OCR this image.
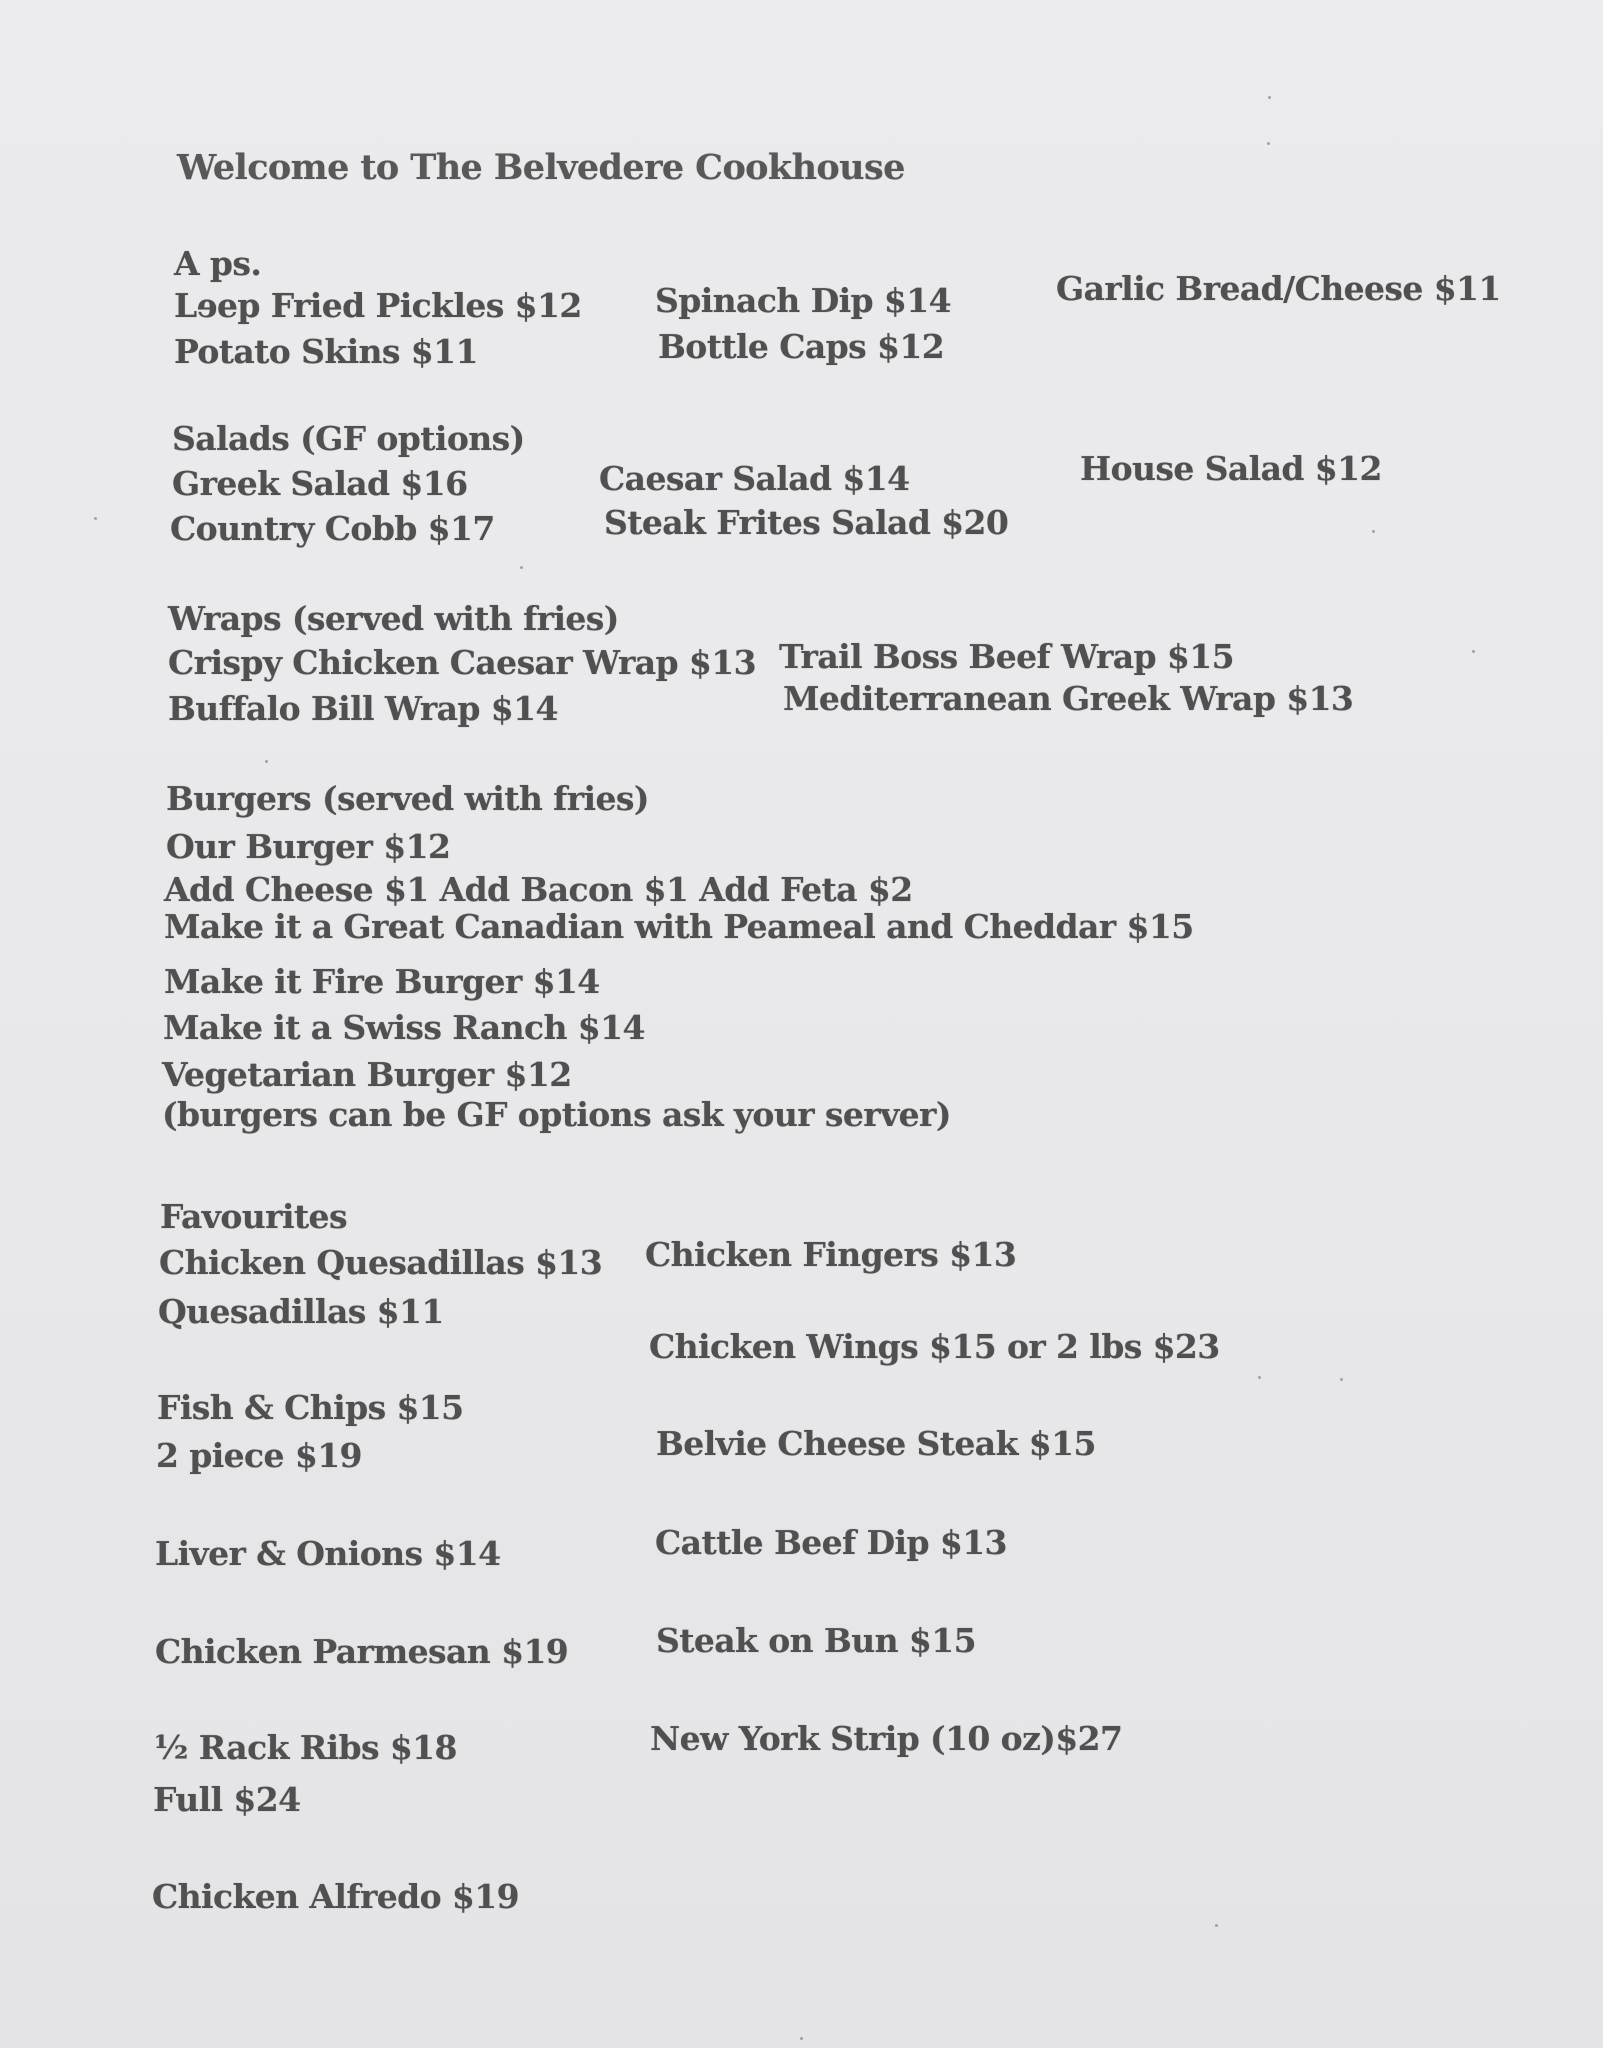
Welcome to The Belvedere Cookhouse
A ps.
Lɘep Fried Pickles $12
Potato Skins $11
Spinach Dip $14
Bottle Caps $12
Garlic Bread/Cheese $11
Salads (GF options)
Greek Salad $16
Country Cobb $17
Caesar Salad $14
Steak Frites Salad $20
House Salad $12
Wraps (served with fries)
Crispy Chicken Caesar Wrap $13
Buffalo Bill Wrap $14
Trail Boss Beef Wrap $15
Mediterranean Greek Wrap $13
Burgers (served with fries)
Our Burger $12
Add Cheese $1 Add Bacon $1 Add Feta $2
Make it a Great Canadian with Peameal and Cheddar $15
Make it Fire Burger $14
Make it a Swiss Ranch $14
Vegetarian Burger $12
(burgers can be GF options ask your server)
Favourites
Chicken Quesadillas $13
Quesadillas $11
Fish & Chips $15
2 piece $19
Liver & Onions $14
Chicken Parmesan $19
½ Rack Ribs $18
Full $24
Chicken Alfredo $19
Chicken Fingers $13
Chicken Wings $15 or 2 lbs $23
Belvie Cheese Steak $15
Cattle Beef Dip $13
Steak on Bun $15
New York Strip (10 oz)$27
